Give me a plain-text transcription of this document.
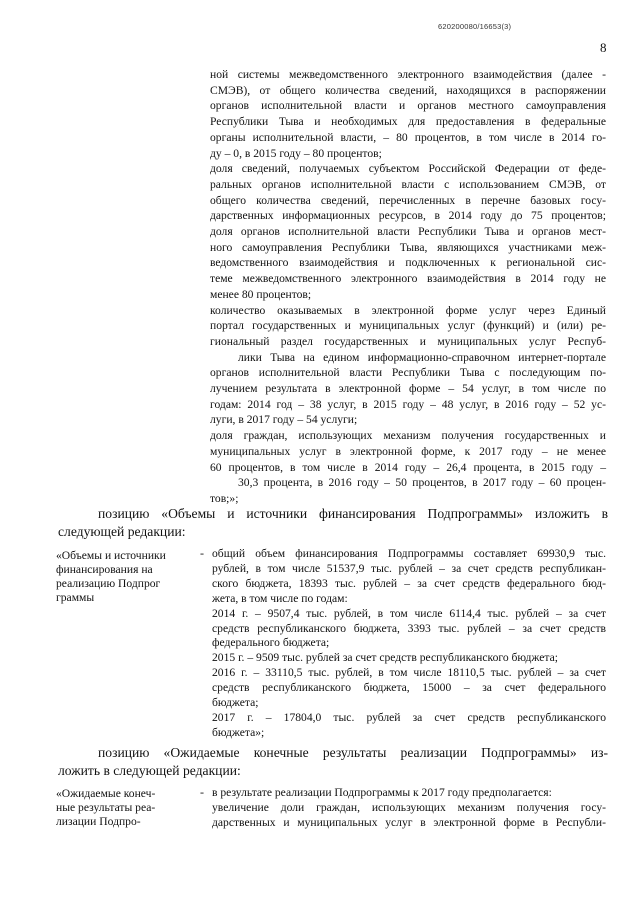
620200080/16653(3)
8
ной системы межведомственного электронного взаимодействия (далее -
СМЭВ), от общего количества сведений, находящихся в распоряжении
органов исполнительной власти и органов местного самоуправления
Республики Тыва и необходимых для предоставления в федеральные
органы исполнительной власти, – 80 процентов, в том числе в 2014 го-
ду – 0, в 2015 году – 80 процентов;
доля сведений, получаемых субъектом Российской Федерации от феде-
ральных органов исполнительной власти с использованием СМЭВ, от
общего количества сведений, перечисленных в перечне базовых госу-
дарственных информационных ресурсов, в 2014 году до 75 процентов;
доля органов исполнительной власти Республики Тыва и органов мест-
ного самоуправления Республики Тыва, являющихся участниками меж-
ведомственного взаимодействия и подключенных к региональной сис-
теме межведомственного электронного взаимодействия в 2014 году не
менее 80 процентов;
количество оказываемых в электронной форме услуг через Единый
портал государственных и муниципальных услуг (функций) и (или) ре-
гиональный раздел государственных и муниципальных услуг Респуб-
лики Тыва на едином информационно-справочном интернет-портале
органов исполнительной власти Республики Тыва с последующим по-
лучением результата в электронной форме – 54 услуг, в том числе по
годам: 2014 год – 38 услуг, в 2015 году – 48 услуг, в 2016 году – 52 ус-
луги, в 2017 году – 54 услуги;
доля граждан, использующих механизм получения государственных и
муниципальных услуг в электронной форме, к 2017 году – не менее
60 процентов, в том числе в 2014 году – 26,4 процента, в 2015 году –
30,3 процента, в 2016 году – 50 процентов, в 2017 году – 60 процен-
тов;»;
позицию «Объемы и источники финансирования Подпрограммы» изложить в
следующей редакции:
«Объемы и источники
финансирования на
реализацию Подпрог
граммы
- общий объем финансирования Подпрограммы составляет 69930,9 тыс.
рублей, в том числе 51537,9 тыс. рублей – за счет средств республикан-
ского бюджета, 18393 тыс. рублей – за счет средств федерального бюд-
жета, в том числе по годам:
2014 г. – 9507,4 тыс. рублей, в том числе 6114,4 тыс. рублей – за счет
средств республиканского бюджета, 3393 тыс. рублей – за счет средств
федерального бюджета;
2015 г. – 9509 тыс. рублей за счет средств республиканского бюджета;
2016 г. – 33110,5 тыс. рублей, в том числе 18110,5 тыс. рублей – за счет
средств республиканского бюджета, 15000 – за счет федерального
бюджета;
2017 г. – 17804,0 тыс. рублей за счет средств республиканского
бюджета»;
позицию «Ожидаемые конечные результаты реализации Подпрограммы» из-
ложить в следующей редакции:
«Ожидаемые конеч-
ные результаты реа-
лизации Подпро-
- в результате реализации Подпрограммы к 2017 году предполагается:
увеличение доли граждан, использующих механизм получения госу-
дарственных и муниципальных услуг в электронной форме в Республи-
